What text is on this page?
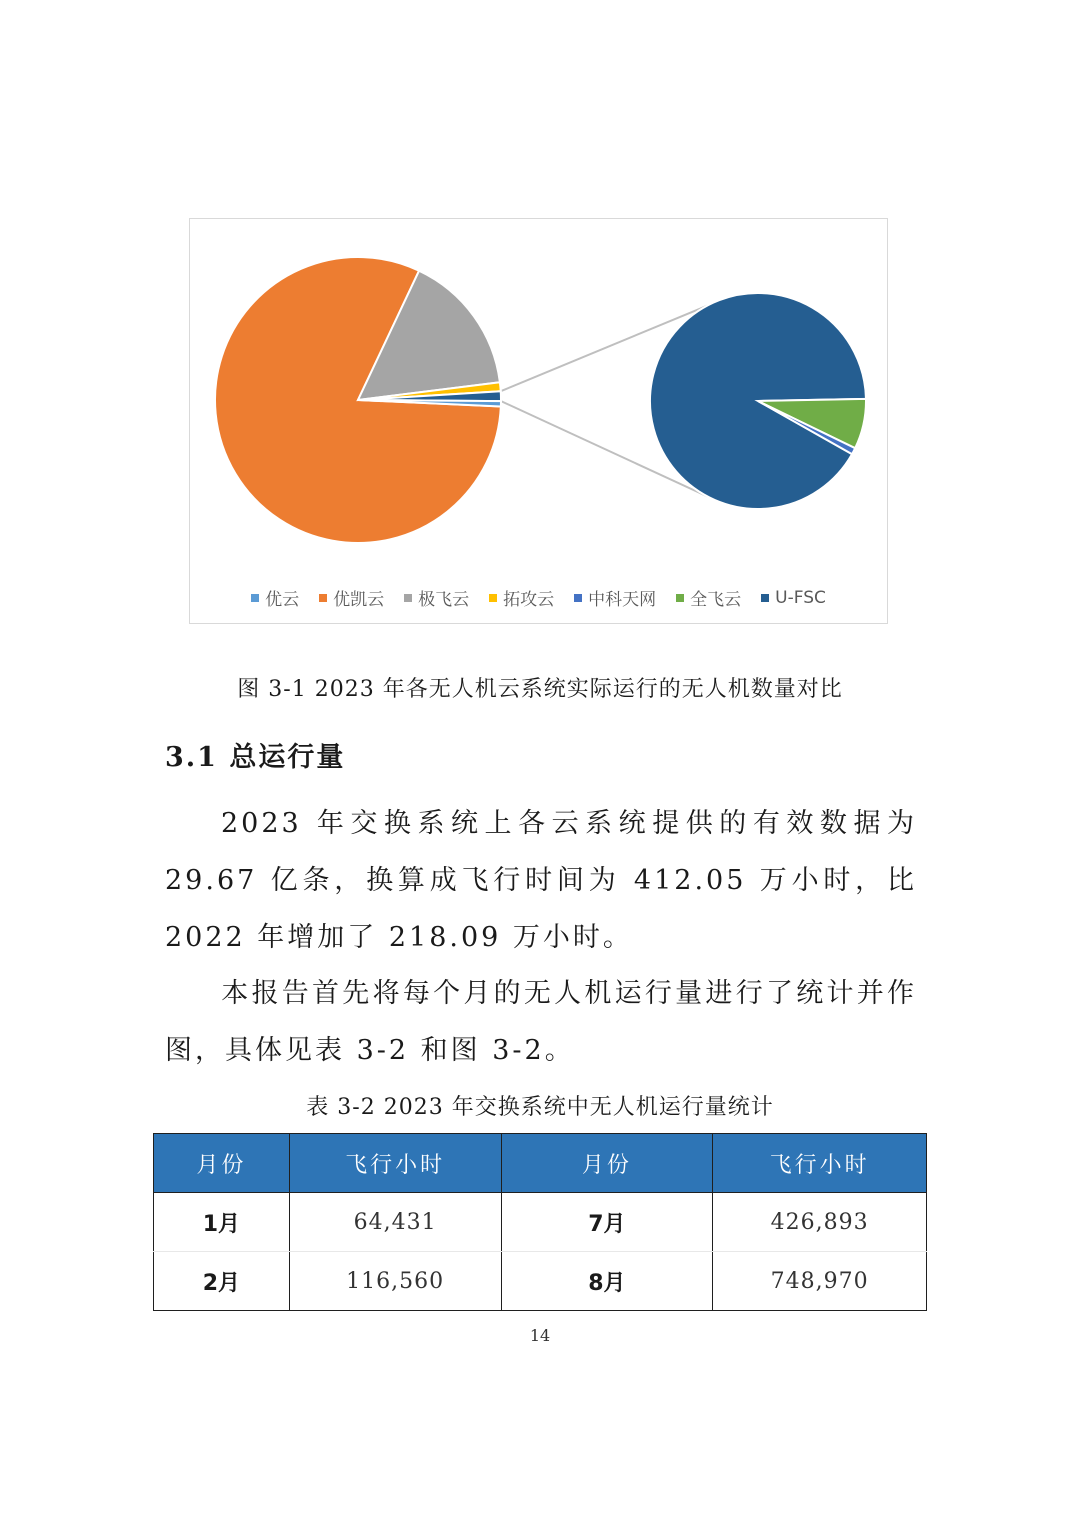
优云 优凯云 极飞云 拓攻云 中科天网 全飞云 U-FSC
图 3-1 2023 年各无人机云系统实际运行的无人机数量对比
3.1 总运行量

2023 年交换系统上各云系统提供的有效数据为 29.67 亿条，换算成飞行时间为 412.05 万小时，比 2022 年增加了 218.09 万小时。

本报告首先将每个月的无人机运行量进行了统计并作图，具体见表 3-2 和图 3-2。

表 3-2 2023 年交换系统中无人机运行量统计
月份	飞行小时	月份	飞行小时
1月	64,431	7月	426,893
2月	116,560	8月	748,970
14
